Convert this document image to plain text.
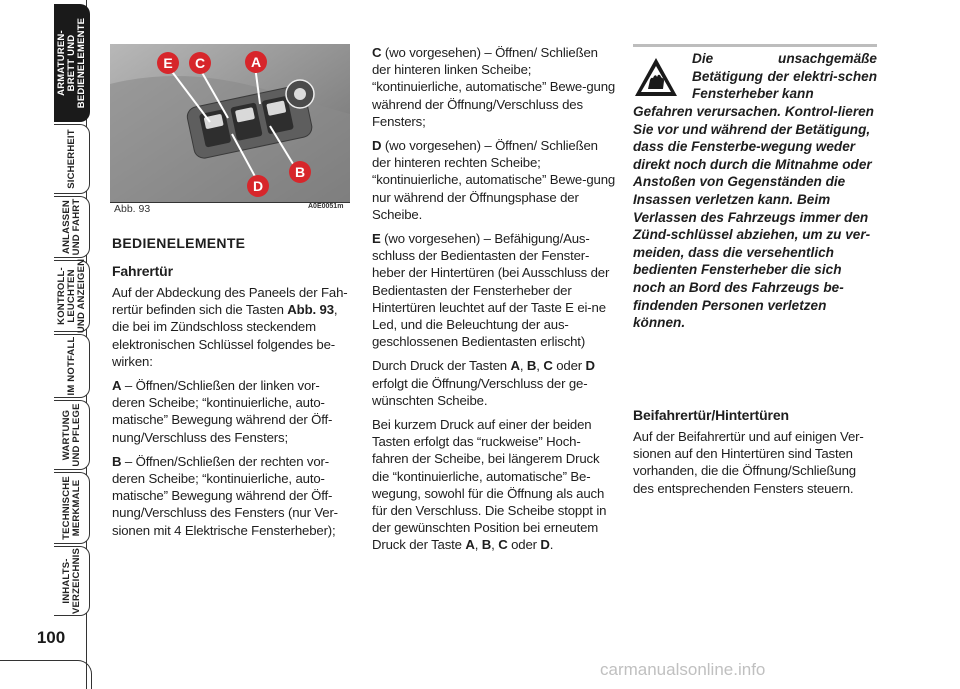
ARMATUREN-
BRETT UND
BEDIENELEMENTE
SICHERHEIT
ANLASSEN
UND FAHRT
KONTROLL-
LEUCHTEN
UND ANZEIGEN
IM NOTFALL
WARTUNG
UND PFLEGE
TECHNISCHE
MERKMALE
INHALTS-
VERZEICHNIS
100
E C	A
B
D
Abb. 93	A0E0051m
BEDIENELEMENTE
Fahrertür

Auf der Abdeckung des Paneels der Fah-rertür befinden sich die Tasten Abb. 93, die bei im Zündschloss steckendem elektronischen Schlüssel folgendes be-wirken:

A – Öffnen/Schließen der linken vor-deren Scheibe; “kontinuierliche, auto-matische” Bewegung während der Öff-nung/Verschluss des Fensters;

B – Öffnen/Schließen der rechten vor-deren Scheibe; “kontinuierliche, auto-matische” Bewegung während der Öff-nung/Verschluss des Fensters (nur Ver-sionen mit 4 Elektrische Fensterheber);

C (wo vorgesehen) – Öffnen/ Schließen der hinteren linken Scheibe; “kontinuierliche, automatische” Bewe-gung während der Öffnung/Verschluss des Fensters;

D (wo vorgesehen) – Öffnen/ Schließen der hinteren rechten Scheibe; “kontinuierliche, automatische” Bewe-gung nur während der Öffnungsphase der Scheibe.

E (wo vorgesehen) – Befähigung/Aus-schluss der Bedientasten der Fenster-heber der Hintertüren (bei Ausschluss der Bedientasten der Fensterheber der Hintertüren leuchtet auf der Taste E ei-ne Led, und die Beleuchtung der aus-geschlossenen Bedientasten erlischt)

Durch Druck der Tasten A, B, C oder D erfolgt die Öffnung/Verschluss der ge-wünschten Scheibe.

Bei kurzem Druck auf einer der beiden Tasten erfolgt das “ruckweise” Hoch-fahren der Scheibe, bei längerem Druck die “kontinuierliche, automatische” Be-wegung, sowohl für die Öffnung als auch für den Verschluss. Die Scheibe stoppt in der gewünschten Position bei erneutem Druck der Taste A, B, C oder D.

Die unsachgemäße Betätigung der elektri-schen Fensterheber kann
Gefahren verursachen. Kontrol-lieren Sie vor und während der Betätigung, dass die Fensterbe-wegung weder direkt noch durch die Mitnahme oder Anstoßen von Gegenständen die Insassen verletzen kann. Beim Verlassen des Fahrzeugs immer den Zünd-schlüssel abziehen, um zu ver-meiden, dass die versehentlich bedienten Fensterheber die sich noch an Bord des Fahrzeugs be-findenden Personen verletzen können.
Beifahrertür/Hintertüren

Auf der Beifahrertür und auf einigen Ver-sionen auf den Hintertüren sind Tasten vorhanden, die die Öffnung/Schließung des entsprechenden Fensters steuern.

carmanualsonline.info
